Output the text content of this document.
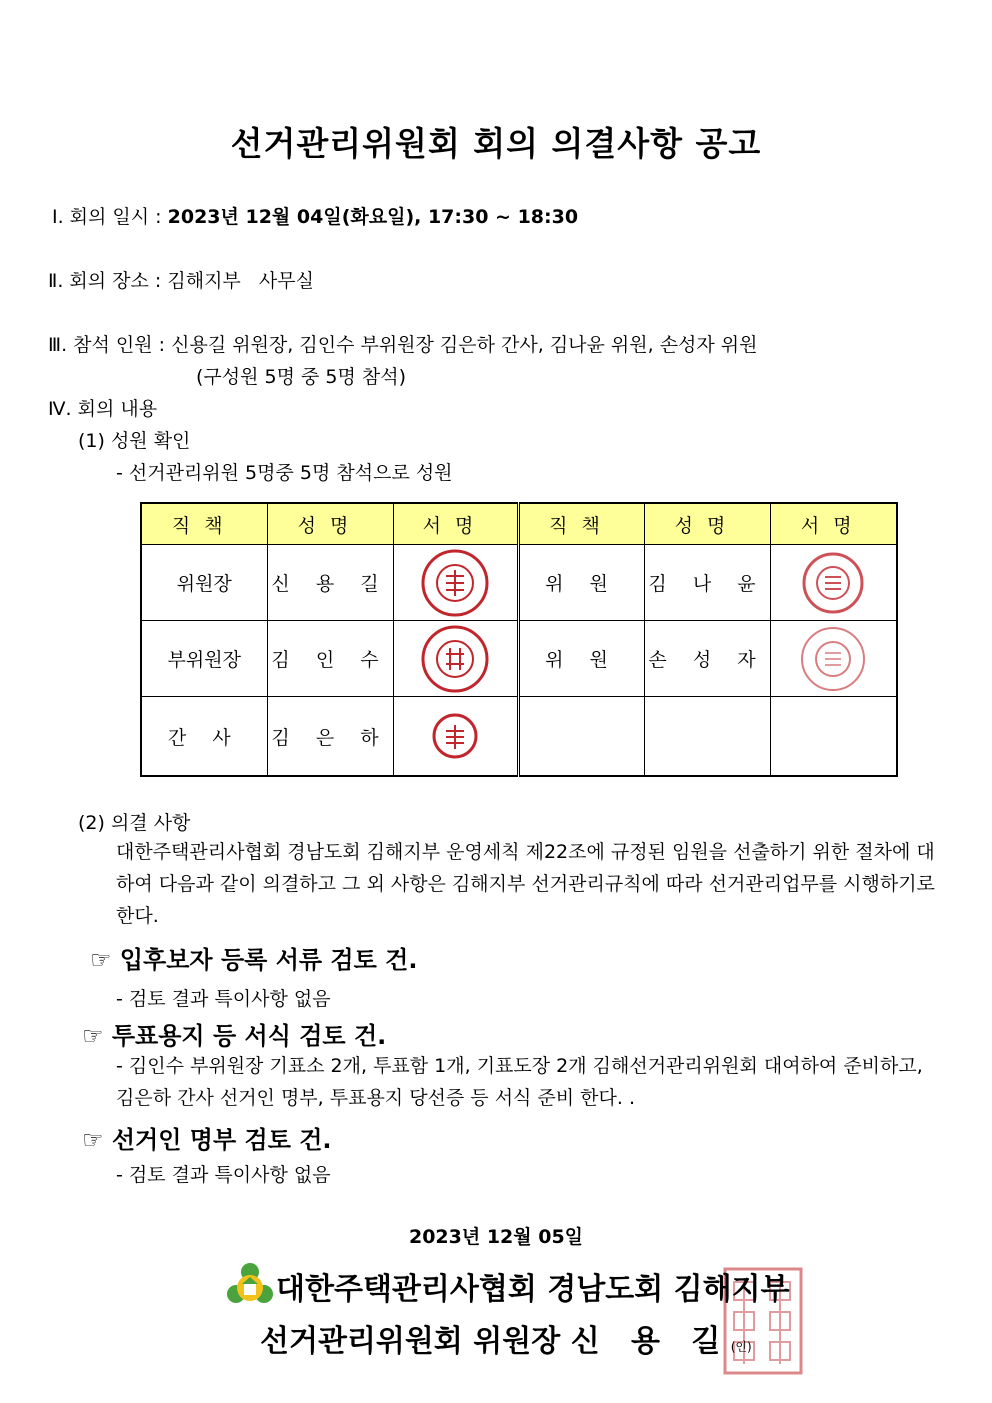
선거관리위원회 회의 의결사항 공고
Ⅰ. 회의 일시 : 2023년 12월 04일(화요일), 17:30 ~ 18:30
Ⅱ. 회의 장소 : 김해지부   사무실
Ⅲ. 참석 인원 : 신용길 위원장, 김인수 부위원장 김은하 간사, 김나윤 위원, 손성자 위원
(구성원 5명 중 5명 참석)
Ⅳ. 회의 내용
(1) 성원 확인
- 선거관리위원 5명중 5명 참석으로 성원
직책	성명	서명	직책	성명	서명
위원장	신 용 길		위 원	김 나 윤	
부위원장	김 인 수		위 원	손 성 자	
간 사	김 은 하				
(2) 의결 사항
대한주택관리사협회 경남도회 김해지부 운영세칙 제22조에 규정된 임원을 선출하기 위한 절차에 대하여 다음과 같이 의결하고 그 외 사항은 김해지부 선거관리규칙에 따라 선거관리업무를 시행하기로 한다.
☞ 입후보자 등록 서류 검토 건.
- 검토 결과 특이사항 없음
☞ 투표용지 등 서식 검토 건.
- 김인수 부위원장 기표소 2개, 투표함 1개, 기표도장 2개 김해선거관리위원회 대여하여 준비하고, 김은하 간사 선거인 명부, 투표용지 당선증 등 서식 준비 한다. .
☞ 선거인 명부 검토 건.
- 검토 결과 특이사항 없음
2023년 12월 05일
대한주택관리사협회 경남도회 김해지부
선거관리위원회 위원장 신   용   길 (인)
